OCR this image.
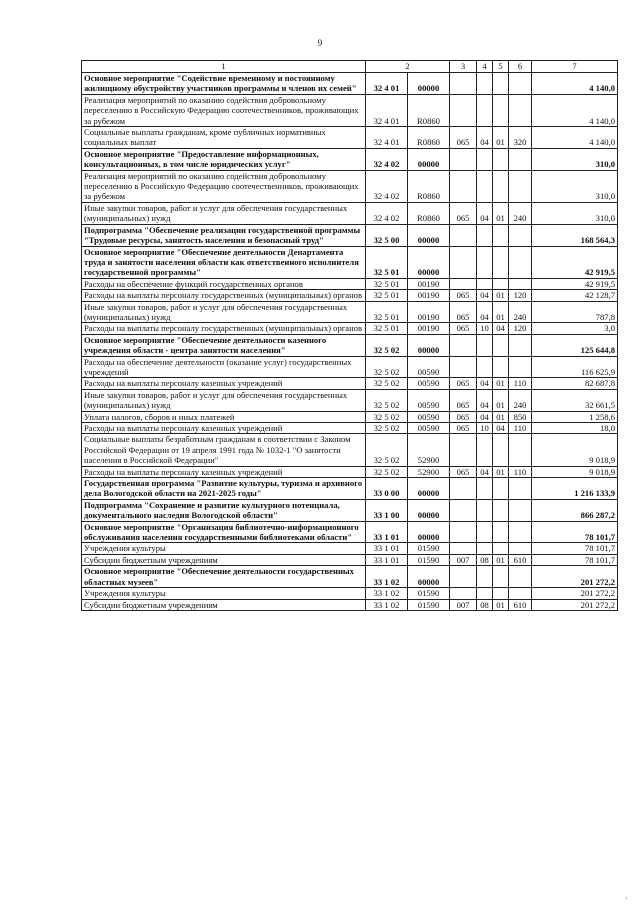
9
1	2		3	4	5	6	7
Основное мероприятие "Содействие временному и постоянному жилищному обустройству участников программы и членов их семей"	32 4 01	00000					4 140,0
Реализация мероприятий по оказанию содействия добровольному переселению в Российскую Федерацию соотечественников, проживающих за рубежом	32 4 01	R0860					4 140,0
Социальные выплаты гражданам, кроме публичных нормативных социальных выплат	32 4 01	R0860	065	04	01	320	4 140,0
Основное мероприятие "Предоставление информационных, консультационных, в том числе юридических услуг"	32 4 02	00000					310,0
Реализация мероприятий по оказанию содействия добровольному переселению в Российскую Федерацию соотечественников, проживающих за рубежом	32 4 02	R0860					310,0
Иные закупки товаров, работ и услуг для обеспечения государственных (муниципальных) нужд	32 4 02	R0860	065	04	01	240	310,0
Подпрограмма "Обеспечение реализации государственной программы "Трудовые ресурсы, занятость населения и безопасный труд"	32 5 00	00000					168 564,3
Основное мероприятие "Обеспечение деятельности Департамента труда и занятости населения области как ответственного исполнителя государственной программы"	32 5 01	00000					42 919,5
Расходы на обеспечение функций государственных органов	32 5 01	00190					42 919,5
Расходы на выплаты персоналу государственных (муниципальных) органов	32 5 01	00190	065	04	01	120	42 128,7
Иные закупки товаров, работ и услуг для обеспечения государственных (муниципальных) нужд	32 5 01	00190	065	04	01	240	787,8
Расходы на выплаты персоналу государственных (муниципальных) органов	32 5 01	00190	065	10	04	120	3,0
Основное мероприятие "Обеспечение деятельности казенного учреждения области - центра занятости населения"	32 5 02	00000					125 644,8
Расходы на обеспечение деятельности (оказание услуг) государственных учреждений	32 5 02	00590					116 625,9
Расходы на выплаты персоналу казенных учреждений	32 5 02	00590	065	04	01	110	82 687,8
Иные закупки товаров, работ и услуг для обеспечения государственных (муниципальных) нужд	32 5 02	00590	065	04	01	240	32 661,5
Уплата налогов, сборов и иных платежей	32 5 02	00590	065	04	01	850	1 258,6
Расходы на выплаты персоналу казенных учреждений	32 5 02	00590	065	10	04	110	18,0
Социальные выплаты безработным гражданам в соответствии с Законом Российской Федерации от 19 апреля 1991 года № 1032-1 "О занятости населения в Российской Федерации"	32 5 02	52900					9 018,9
Расходы на выплаты персоналу казенных учреждений	32 5 02	52900	065	04	01	110	9 018,9
Государственная программа "Развитие культуры, туризма и архивного дела Вологодской области на 2021-2025 годы"	33 0 00	00000					1 216 133,9
Подпрограмма "Сохранение и развитие культурного потенциала, документального наследия Вологодской области"	33 1 00	00000					866 287,2
Основное мероприятие "Организация библиотечно-информационного обслуживания населения государственными библиотеками области"	33 1 01	00000					78 101,7
Учреждения культуры	33 1 01	01590					78 101,7
Субсидии бюджетным учреждениям	33 1 01	01590	007	08	01	610	78 101,7
Основное мероприятие "Обеспечение деятельности государственных областных музеев"	33 1 02	00000					201 272,2
Учреждения культуры	33 1 02	01590					201 272,2
Субсидии бюджетным учреждениям	33 1 02	01590	007	08	01	610	201 272,2
·
